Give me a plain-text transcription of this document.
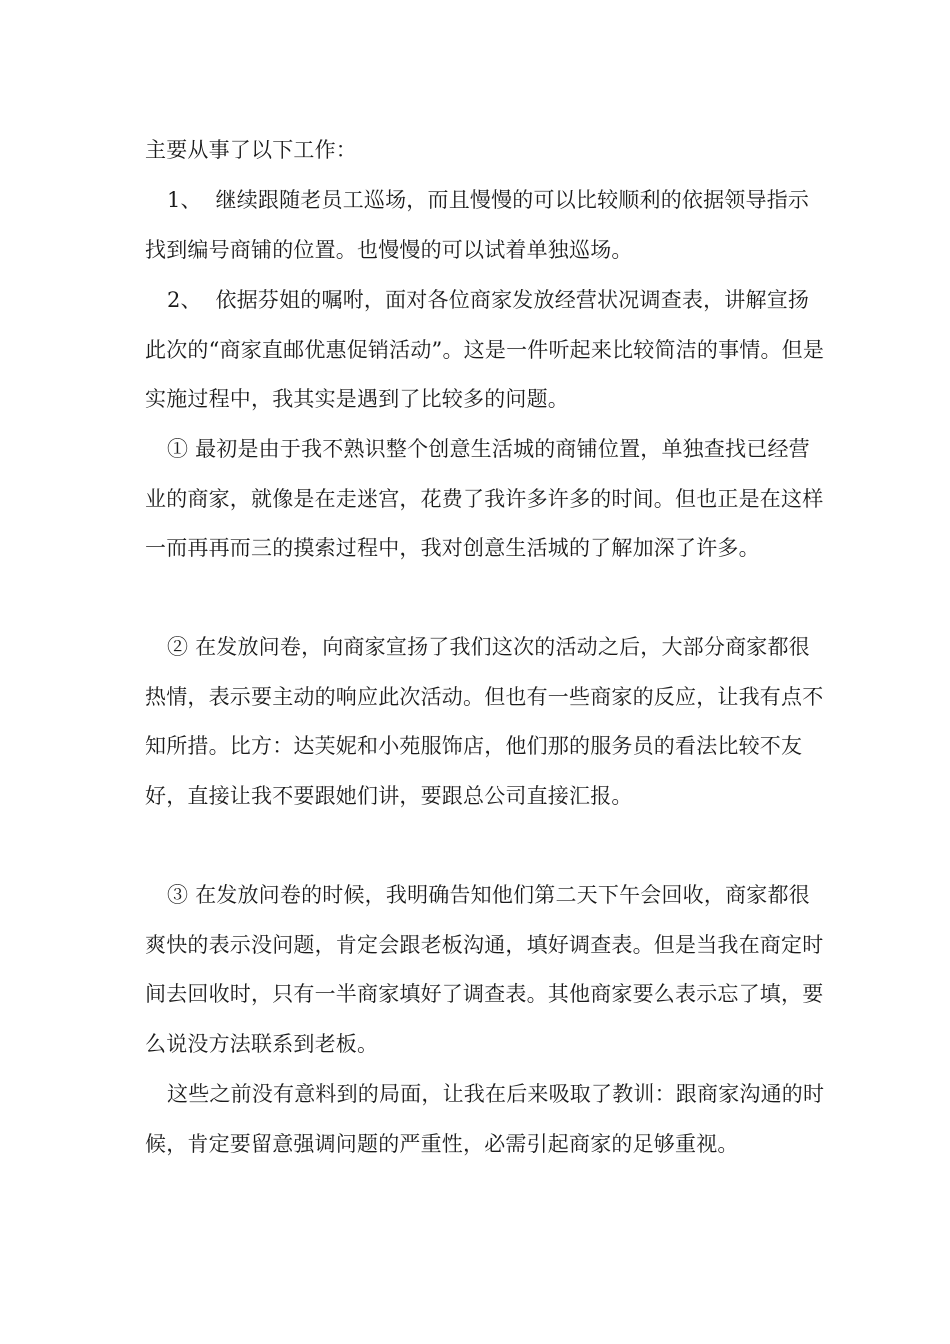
主要从事了以下工作：

1、  继续跟随老员工巡场，而且慢慢的可以比较顺利的依据领导指示找到编号商铺的位置。也慢慢的可以试着单独巡场。

2、  依据芬姐的嘱咐，面对各位商家发放经营状况调查表，讲解宣扬此次的“商家直邮优惠促销活动”。这是一件听起来比较简洁的事情。但是实施过程中，我其实是遇到了比较多的问题。

① 最初是由于我不熟识整个创意生活城的商铺位置，单独查找已经营业的商家，就像是在走迷宫，花费了我许多许多的时间。但也正是在这样一而再再而三的摸索过程中，我对创意生活城的了解加深了许多。

② 在发放问卷，向商家宣扬了我们这次的活动之后，大部分商家都很热情，表示要主动的响应此次活动。但也有一些商家的反应，让我有点不知所措。比方：达芙妮和小苑服饰店，他们那的服务员的看法比较不友好，直接让我不要跟她们讲，要跟总公司直接汇报。

③ 在发放问卷的时候，我明确告知他们第二天下午会回收，商家都很爽快的表示没问题，肯定会跟老板沟通，填好调查表。但是当我在商定时间去回收时，只有一半商家填好了调查表。其他商家要么表示忘了填，要么说没方法联系到老板。

这些之前没有意料到的局面，让我在后来吸取了教训：跟商家沟通的时候，肯定要留意强调问题的严重性，必需引起商家的足够重视。
